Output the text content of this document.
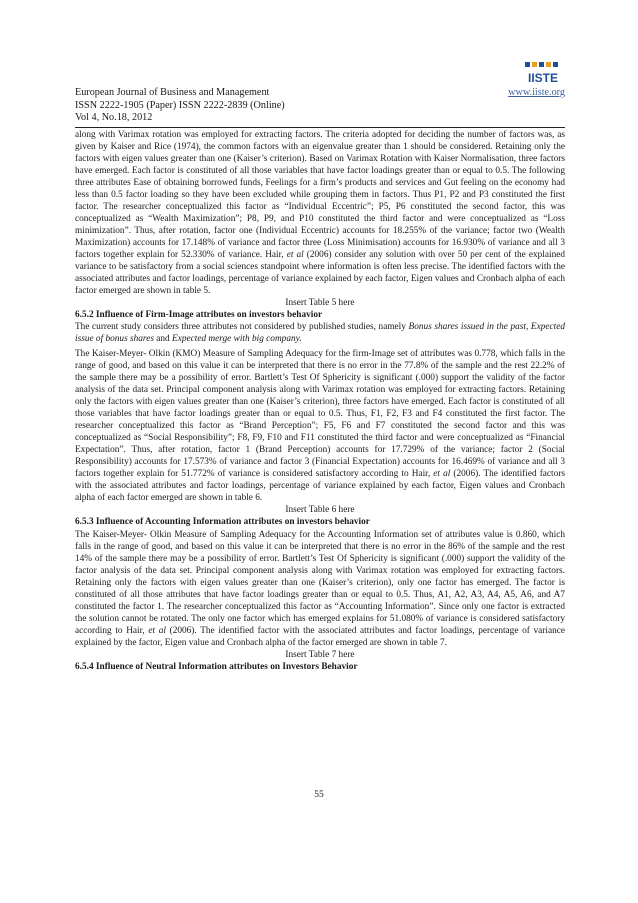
European Journal of Business and Management
ISSN 2222-1905 (Paper) ISSN 2222-2839 (Online)
Vol 4, No.18, 2012
www.iiste.org
IISTE

along with Varimax rotation was employed for extracting factors. The criteria adopted for deciding the number of factors was, as given by Kaiser and Rice (1974), the common factors with an eigenvalue greater than 1 should be considered. Retaining only the factors with eigen values greater than one (Kaiser’s criterion). Based on Varimax Rotation with Kaiser Normalisation, three factors have emerged. Each factor is constituted of all those variables that have factor loadings greater than or equal to 0.5. The following three attributes Ease of obtaining borrowed funds, Feelings for a firm’s products and services and Gut feeling on the economy had less than 0.5 factor loading so they have been excluded while grouping them in factors. Thus P1, P2 and P3 constituted the first factor. The researcher conceptualized this factor as “Individual Eccentric”; P5, P6 constituted the second factor, this was conceptualized as “Wealth Maximization”; P8, P9, and P10 constituted the third factor and were conceptualized as “Loss minimization”. Thus, after rotation, factor one (Individual Eccentric) accounts for 18.255% of the variance; factor two (Wealth Maximization) accounts for 17.148% of variance and factor three (Loss Minimisation) accounts for 16.930% of variance and all 3 factors together explain for 52.330% of variance. Hair, et al (2006) consider any solution with over 50 per cent of the explained variance to be satisfactory from a social sciences standpoint where information is often less precise. The identified factors with the associated attributes and factor loadings, percentage of variance explained by each factor, Eigen values and Cronbach alpha of each factor emerged are shown in table 5.

Insert Table 5 here

6.5.2 Influence of Firm-Image attributes on investors behavior

The current study considers three attributes not considered by published studies, namely Bonus shares issued in the past, Expected issue of bonus shares and Expected merge with big company.

The Kaiser-Meyer- Olkin (KMO) Measure of Sampling Adequacy for the firm-Image set of attributes was 0.778, which falls in the range of good, and based on this value it can be interpreted that there is no error in the 77.8% of the sample and the rest 22.2% of the sample there may be a possibility of error. Bartlett’s Test Of Sphericity is significant (.000) support the validity of the factor analysis of the data set. Principal component analysis along with Varimax rotation was employed for extracting factors. Retaining only the factors with eigen values greater than one (Kaiser’s criterion), three factors have emerged. Each factor is constituted of all those variables that have factor loadings greater than or equal to 0.5. Thus, F1, F2, F3 and F4 constituted the first factor. The researcher conceptualized this factor as “Brand Perception”; F5, F6 and F7 constituted the second factor and this was conceptualized as “Social Responsibility”; F8, F9, F10 and F11 constituted the third factor and were conceptualized as “Financial Expectation”. Thus, after rotation, factor 1 (Brand Perception) accounts for 17.729% of the variance; factor 2 (Social Responsibility) accounts for 17.573% of variance and factor 3 (Financial Expectation) accounts for 16.469% of variance and all 3 factors together explain for 51.772% of variance is considered satisfactory according to Hair, et al (2006). The identified factors with the associated attributes and factor loadings, percentage of variance explained by each factor, Eigen values and Cronbach alpha of each factor emerged are shown in table 6.

Insert Table 6 here

6.5.3 Influence of Accounting Information attributes on investors behavior

The Kaiser-Meyer- Olkin Measure of Sampling Adequacy for the Accounting Information set of attributes value is 0.860, which falls in the range of good, and based on this value it can be interpreted that there is no error in the 86% of the sample and the rest 14% of the sample there may be a possibility of error. Bartlett’s Test Of Sphericity is significant (.000) support the validity of the factor analysis of the data set. Principal component analysis along with Varimax rotation was employed for extracting factors. Retaining only the factors with eigen values greater than one (Kaiser’s criterion), only one factor has emerged. The factor is constituted of all those attributes that have factor loadings greater than or equal to 0.5. Thus, A1, A2, A3, A4, A5, A6, and A7 constituted the factor 1. The researcher conceptualized this factor as “Accounting Information”. Since only one factor is extracted the solution cannot be rotated. The only one factor which has emerged explains for 51.080% of variance is considered satisfactory according to Hair, et al (2006). The identified factor with the associated attributes and factor loadings, percentage of variance explained by the factor, Eigen value and Cronbach alpha of the factor emerged are shown in table 7.

Insert Table 7 here

6.5.4 Influence of Neutral Information attributes on Investors Behavior
55
